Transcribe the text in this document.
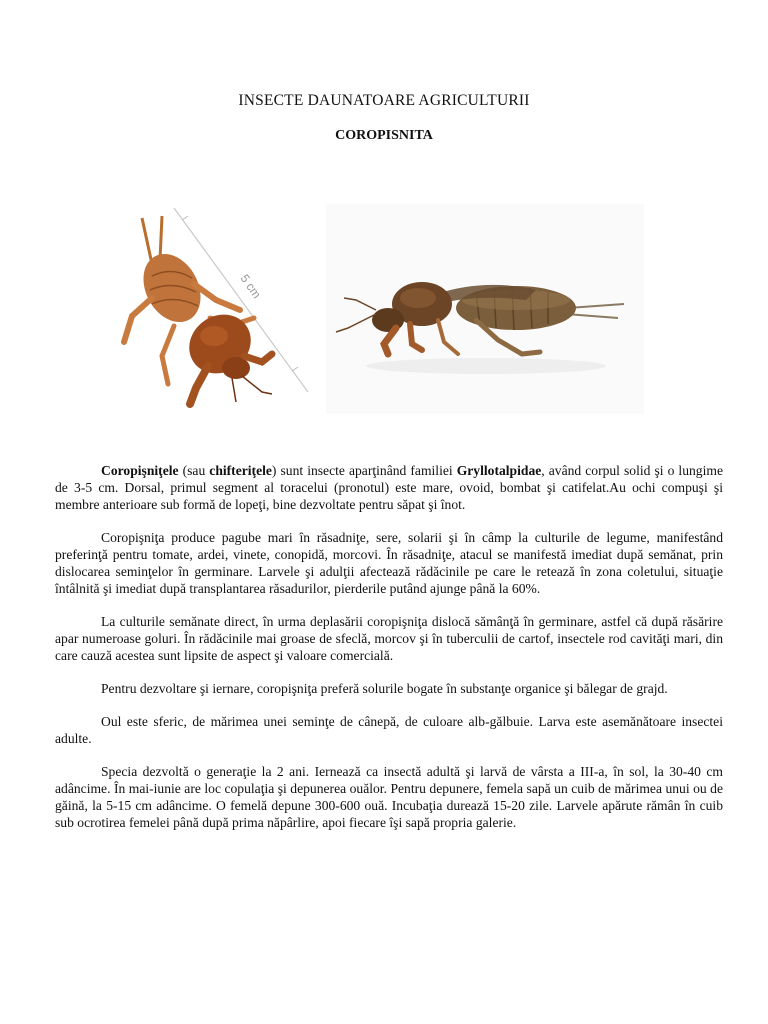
INSECTE DAUNATOARE AGRICULTURII
COROPISNITA
5 cm

Coropişniţele (sau chifteriţele) sunt insecte aparţinând familiei Gryllotalpidae, având corpul solid şi o lungime de 3-5 cm. Dorsal, primul segment al toracelui (pronotul) este mare, ovoid, bombat şi catifelat.Au ochi compuşi şi membre anterioare sub formă de lopeţi, bine dezvoltate pentru săpat şi înot.

Coropişniţa produce pagube mari în răsadniţe, sere, solarii şi în câmp la culturile de legume, manifestând preferinţă pentru tomate, ardei, vinete, conopidă, morcovi. În răsadniţe, atacul se manifestă imediat după semănat, prin dislocarea seminţelor în germinare. Larvele şi adulţii afectează rădăcinile pe care le retează în zona coletului, situaţie întâlnită şi imediat după transplantarea răsadurilor, pierderile putând ajunge până la 60%.

La culturile semănate direct, în urma deplasării coropişniţa dislocă sămânţă în germinare, astfel că după răsărire apar numeroase goluri. În rădăcinile mai groase de sfeclă, morcov şi în tuberculii de cartof, insectele rod cavităţi mari, din care cauză acestea sunt lipsite de aspect şi valoare comercială.

Pentru dezvoltare şi iernare, coropişniţa preferă solurile bogate în substanţe organice şi bălegar de grajd.

Oul este sferic, de mărimea unei seminţe de cânepă, de culoare alb-gălbuie. Larva este asemănătoare insectei adulte.

Specia dezvoltă o generaţie la 2 ani. Iernează ca insectă adultă şi larvă de vârsta a III-a, în sol, la 30-40 cm adâncime. În mai-iunie are loc copulaţia şi depunerea ouălor. Pentru depunere, femela sapă un cuib de mărimea unui ou de găină, la 5-15 cm adâncime. O femelă depune 300-600 ouă. Incubaţia durează 15-20 zile. Larvele apărute rămân în cuib sub ocrotirea femelei până după prima năpârlire, apoi fiecare îşi sapă propria galerie.
